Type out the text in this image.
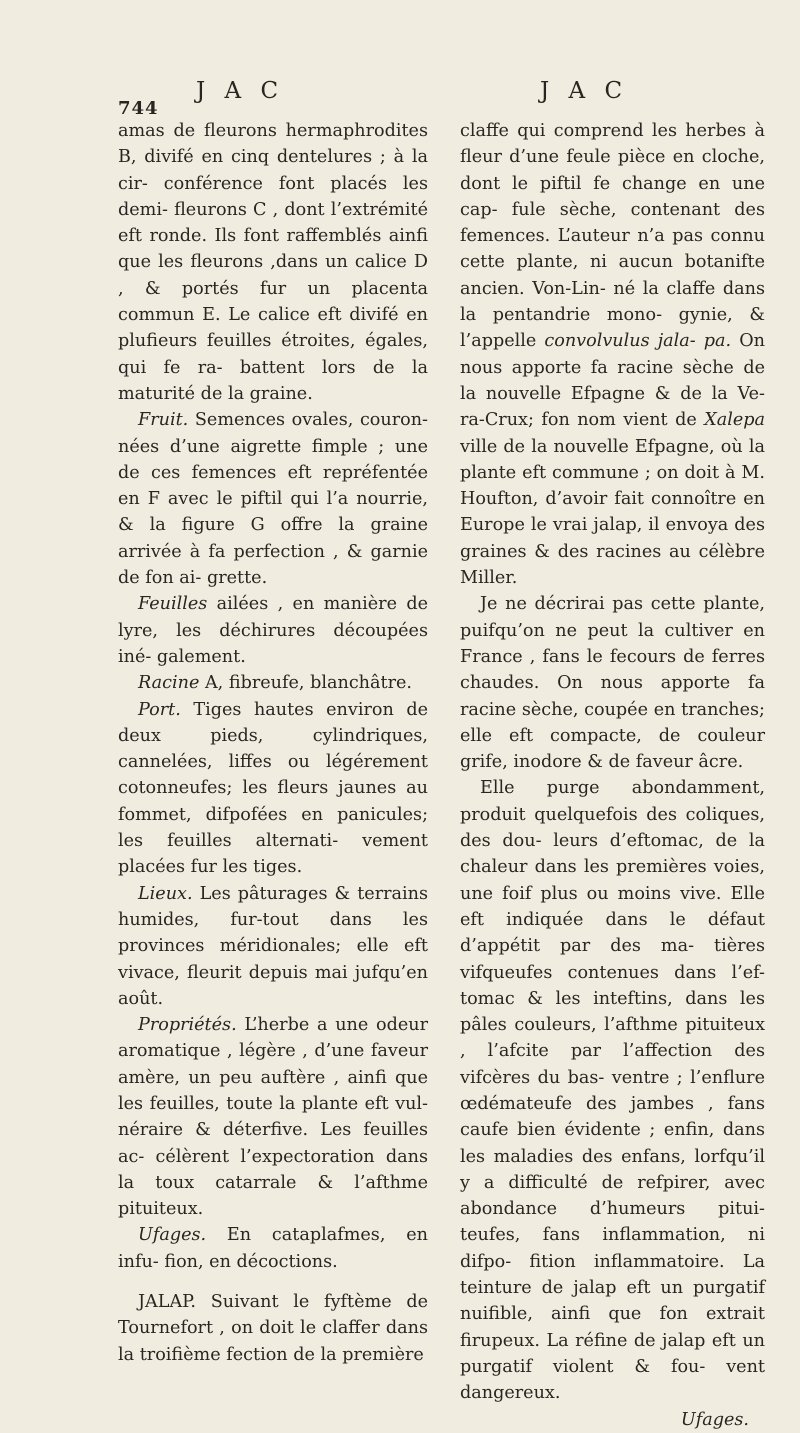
744
J A C	J A C

amas de fleurons hermaphrodites B, divifé en cinq dentelures ; à la cir- conférence font placés les demi- fleurons C , dont l’extrémité eft ronde. Ils font raffemblés ainfi que les fleurons ,dans un calice D , & portés fur un placenta commun E. Le calice eft divifé en plufieurs feuilles étroites, égales, qui fe ra- battent lors de la maturité de la graine.

Fruit. Semences ovales, couron- nées d’une aigrette fimple ; une de ces femences eft repréfentée en F avec le piftil qui l’a nourrie, & la figure G offre la graine arrivée à fa perfection , & garnie de fon ai- grette.

Feuilles ailées , en manière de lyre, les déchirures découpées iné- galement.

Racine A, fibreufe, blanchâtre.

Port. Tiges hautes environ de deux pieds, cylindriques, cannelées, liffes ou légérement cotonneufes; les fleurs jaunes au fommet, difpofées en panicules; les feuilles alternati- vement placées fur les tiges.

Lieux. Les pâturages & terrains humides, fur-tout dans les provinces méridionales; elle eft vivace, fleurit depuis mai jufqu’en août.

Propriétés. L’herbe a une odeur aromatique , légère , d’une faveur amère, un peu auftère , ainfi que les feuilles, toute la plante eft vul- néraire & déterfive. Les feuilles ac- célèrent l’expectoration dans la toux catarrale & l’afthme pituiteux.

Ufages. En cataplafmes, en infu- fion, en décoctions.

JALAP. Suivant le fyftème de Tournefort , on doit le claffer dans la troifième fection de la première

claffe qui comprend les herbes à fleur d’une feule pièce en cloche, dont le piftil fe change en une cap- fule sèche, contenant des femences. L’auteur n’a pas connu cette plante, ni aucun botanifte ancien. Von-Lin- né la claffe dans la pentandrie mono- gynie, & l’appelle convolvulus jala- pa. On nous apporte fa racine sèche de la nouvelle Efpagne & de la Ve- ra-Crux; fon nom vient de Xalepa ville de la nouvelle Efpagne, où la plante eft commune ; on doit à M. Houfton, d’avoir fait connoître en Europe le vrai jalap, il envoya des graines & des racines au célèbre Miller.

Je ne décrirai pas cette plante, puifqu’on ne peut la cultiver en France , fans le fecours de ferres chaudes. On nous apporte fa racine sèche, coupée en tranches; elle eft compacte, de couleur grife, inodore & de faveur âcre.

Elle purge abondamment, produit quelquefois des coliques, des dou- leurs d’eftomac, de la chaleur dans les premières voies, une foif plus ou moins vive. Elle eft indiquée dans le défaut d’appétit par des ma- tières vifqueufes contenues dans l’ef- tomac & les inteftins, dans les pâles couleurs, l’afthme pituiteux , l’afcite par l’affection des vifcères du bas- ventre ; l’enflure œdémateufe des jambes , fans caufe bien évidente ; enfin, dans les maladies des enfans, lorfqu’il y a difficulté de refpirer, avec abondance d’humeurs pitui- teufes, fans inflammation, ni difpo- fition inflammatoire. La teinture de jalap eft un purgatif nuifible, ainfi que fon extrait firupeux. La réfine de jalap eft un purgatif violent & fou- vent dangereux.

Ufages.
